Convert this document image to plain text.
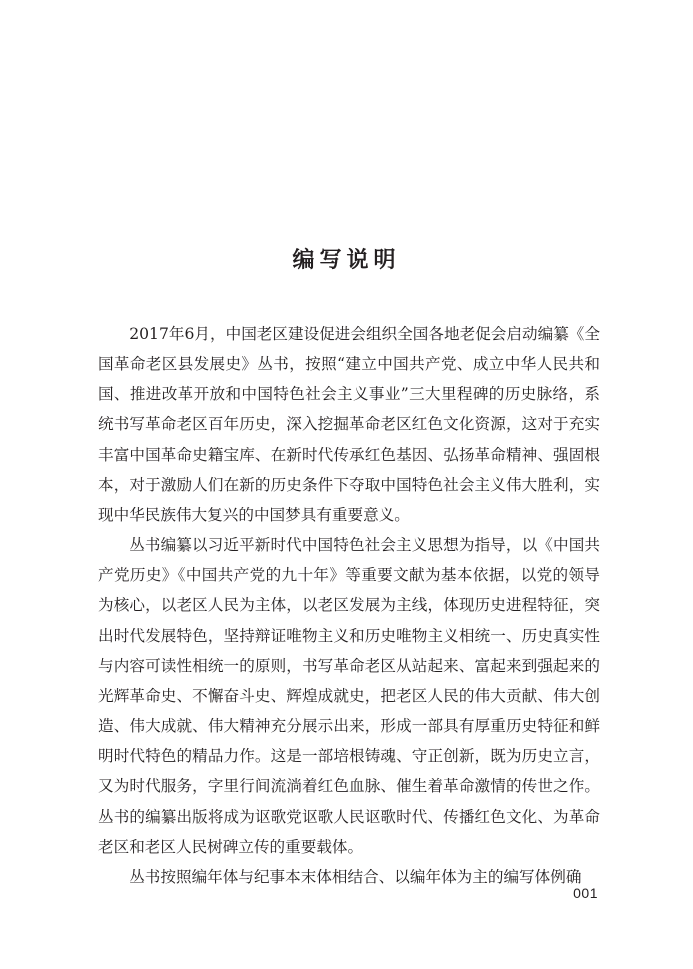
编写说明

2017年6月，中国老区建设促进会组织全国各地老促会启动编纂《全国革命老区县发展史》丛书，按照“建立中国共产党、成立中华人民共和国、推进改革开放和中国特色社会主义事业”三大里程碑的历史脉络，系统书写革命老区百年历史，深入挖掘革命老区红色文化资源，这对于充实丰富中国革命史籍宝库、在新时代传承红色基因、弘扬革命精神、强固根本，对于激励人们在新的历史条件下夺取中国特色社会主义伟大胜利，实现中华民族伟大复兴的中国梦具有重要意义。

丛书编纂以习近平新时代中国特色社会主义思想为指导，以《中国共产党历史》《中国共产党的九十年》等重要文献为基本依据，以党的领导为核心，以老区人民为主体，以老区发展为主线，体现历史进程特征，突出时代发展特色，坚持辩证唯物主义和历史唯物主义相统一、历史真实性与内容可读性相统一的原则，书写革命老区从站起来、富起来到强起来的光辉革命史、不懈奋斗史、辉煌成就史，把老区人民的伟大贡献、伟大创造、伟大成就、伟大精神充分展示出来，形成一部具有厚重历史特征和鲜明时代特色的精品力作。这是一部培根铸魂、守正创新，既为历史立言，又为时代服务，字里行间流淌着红色血脉、催生着革命激情的传世之作。丛书的编纂出版将成为讴歌党讴歌人民讴歌时代、传播红色文化、为革命老区和老区人民树碑立传的重要载体。

丛书按照编年体与纪事本末体相结合、以编年体为主的编写体例确

001
